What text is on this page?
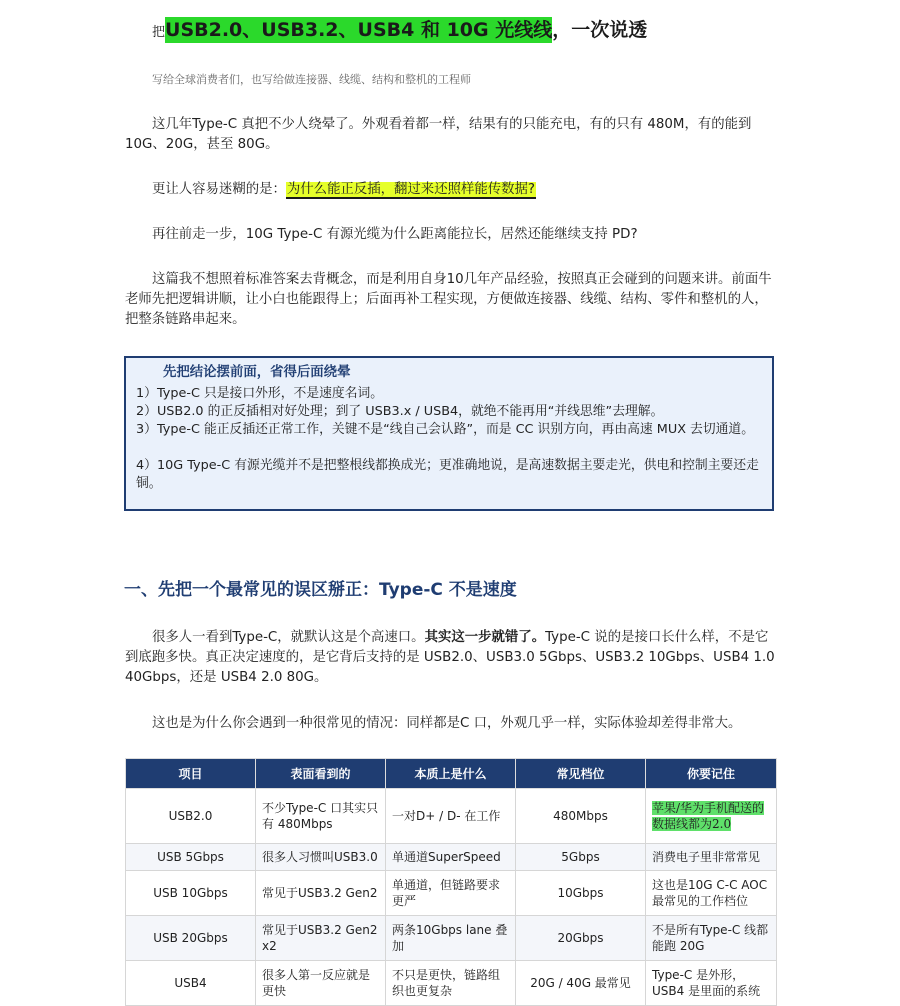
把USB2.0、USB3.2、USB4 和 10G 光线线，一次说透
写给全球消费者们，也写给做连接器、线缆、结构和整机的工程师

这几年Type-C 真把不少人绕晕了。外观看着都一样，结果有的只能充电，有的只有 480M，有的能到 10G、20G，甚至 80G。

更让人容易迷糊的是：为什么能正反插，翻过来还照样能传数据?

再往前走一步，10G Type-C 有源光缆为什么距离能拉长，居然还能继续支持 PD?

这篇我不想照着标准答案去背概念，而是利用自身10几年产品经验，按照真正会碰到的问题来讲。前面牛老师先把逻辑讲顺，让小白也能跟得上；后面再补工程实现，方便做连接器、线缆、结构、零件和整机的人，把整条链路串起来。

先把结论摆前面，省得后面绕晕
1）Type-C 只是接口外形，不是速度名词。
2）USB2.0 的正反插相对好处理；到了 USB3.x / USB4，就绝不能再用“并线思维”去理解。
3）Type-C 能正反插还正常工作，关键不是“线自己会认路”，而是 CC 识别方向，再由高速 MUX 去切通道。
4）10G Type-C 有源光缆并不是把整根线都换成光；更准确地说，是高速数据主要走光，供电和控制主要还走铜。
一、先把一个最常见的误区掰正：Type-C 不是速度

很多人一看到Type-C，就默认这是个高速口。其实这一步就错了。Type-C 说的是接口长什么样，不是它到底跑多快。真正决定速度的，是它背后支持的是 USB2.0、USB3.0 5Gbps、USB3.2 10Gbps、USB4 1.0 40Gbps，还是 USB4 2.0 80G。

这也是为什么你会遇到一种很常见的情况：同样都是C 口，外观几乎一样，实际体验却差得非常大。

项目	表面看到的	本质上是什么	常见档位	你要记住
USB2.0	不少Type-C 口其实只有 480Mbps	一对D+ / D- 在工作	480Mbps	苹果/华为手机配送的数据线都为2.0
USB 5Gbps	很多人习惯叫USB3.0	单通道SuperSpeed	5Gbps	消费电子里非常常见
USB 10Gbps	常见于USB3.2 Gen2	单通道，但链路要求更严	10Gbps	这也是10G C-C AOC 最常见的工作档位
USB 20Gbps	常见于USB3.2 Gen2 x2	两条10Gbps lane 叠加	20Gbps	不是所有Type-C 线都能跑 20G
USB4	很多人第一反应就是更快	不只是更快，链路组织也更复杂	20G / 40G 最常见	Type-C 是外形，USB4 是里面的系统
